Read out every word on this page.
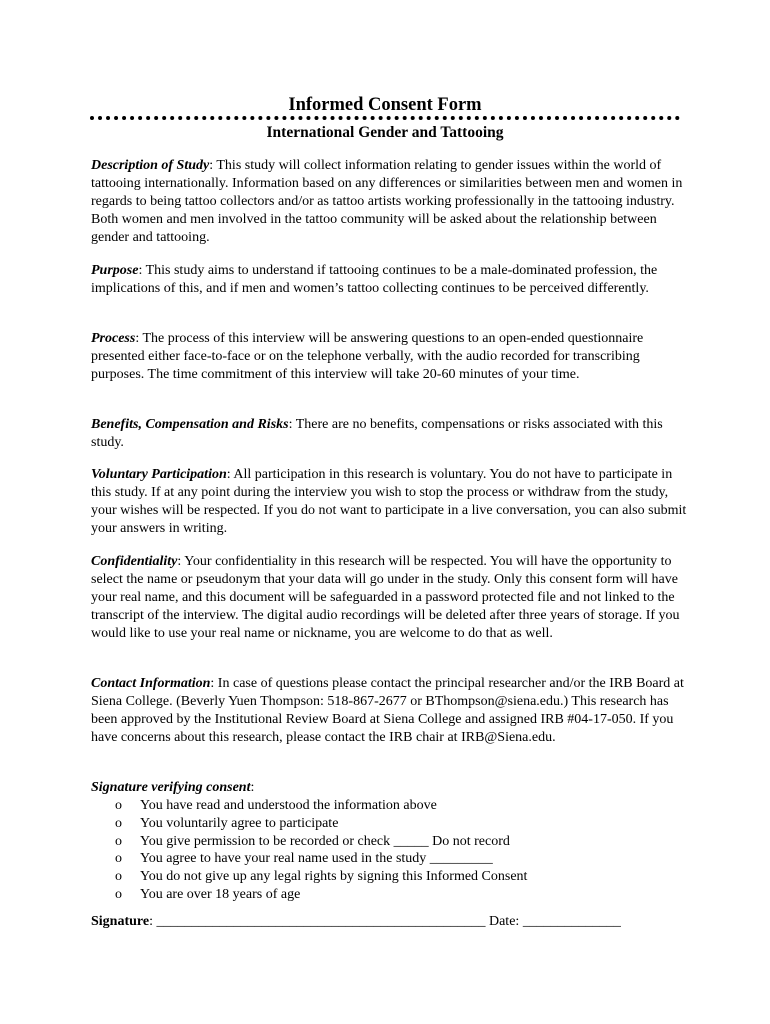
Informed Consent Form
International Gender and Tattooing

Description of Study: This study will collect information relating to gender issues within the world of tattooing internationally. Information based on any differences or similarities between men and women in regards to being tattoo collectors and/or as tattoo artists working professionally in the tattooing industry. Both women and men involved in the tattoo community will be asked about the relationship between gender and tattooing.

Purpose: This study aims to understand if tattooing continues to be a male-dominated profession, the implications of this, and if men and women’s tattoo collecting continues to be perceived differently.

Process: The process of this interview will be answering questions to an open-ended questionnaire presented either face-to-face or on the telephone verbally, with the audio recorded for transcribing purposes. The time commitment of this interview will take 20-60 minutes of your time.

Benefits, Compensation and Risks: There are no benefits, compensations or risks associated with this study.

Voluntary Participation: All participation in this research is voluntary. You do not have to participate in this study. If at any point during the interview you wish to stop the process or withdraw from the study, your wishes will be respected. If you do not want to participate in a live conversation, you can also submit your answers in writing.

Confidentiality: Your confidentiality in this research will be respected. You will have the opportunity to select the name or pseudonym that your data will go under in the study. Only this consent form will have your real name, and this document will be safeguarded in a password protected file and not linked to the transcript of the interview. The digital audio recordings will be deleted after three years of storage. If you would like to use your real name or nickname, you are welcome to do that as well.

Contact Information: In case of questions please contact the principal researcher and/or the IRB Board at Siena College. (Beverly Yuen Thompson: 518-867-2677 or BThompson@siena.edu.) This research has been approved by the Institutional Review Board at Siena College and assigned IRB #04-17-050. If you have concerns about this research, please contact the IRB chair at IRB@Siena.edu.

Signature verifying consent:

o You have read and understood the information above
o You voluntarily agree to participate
o You give permission to be recorded or check _____ Do not record
o You agree to have your real name used in the study _________
o You do not give up any legal rights by signing this Informed Consent
o You are over 18 years of age
Signature: _______________________________________________ Date: ______________
